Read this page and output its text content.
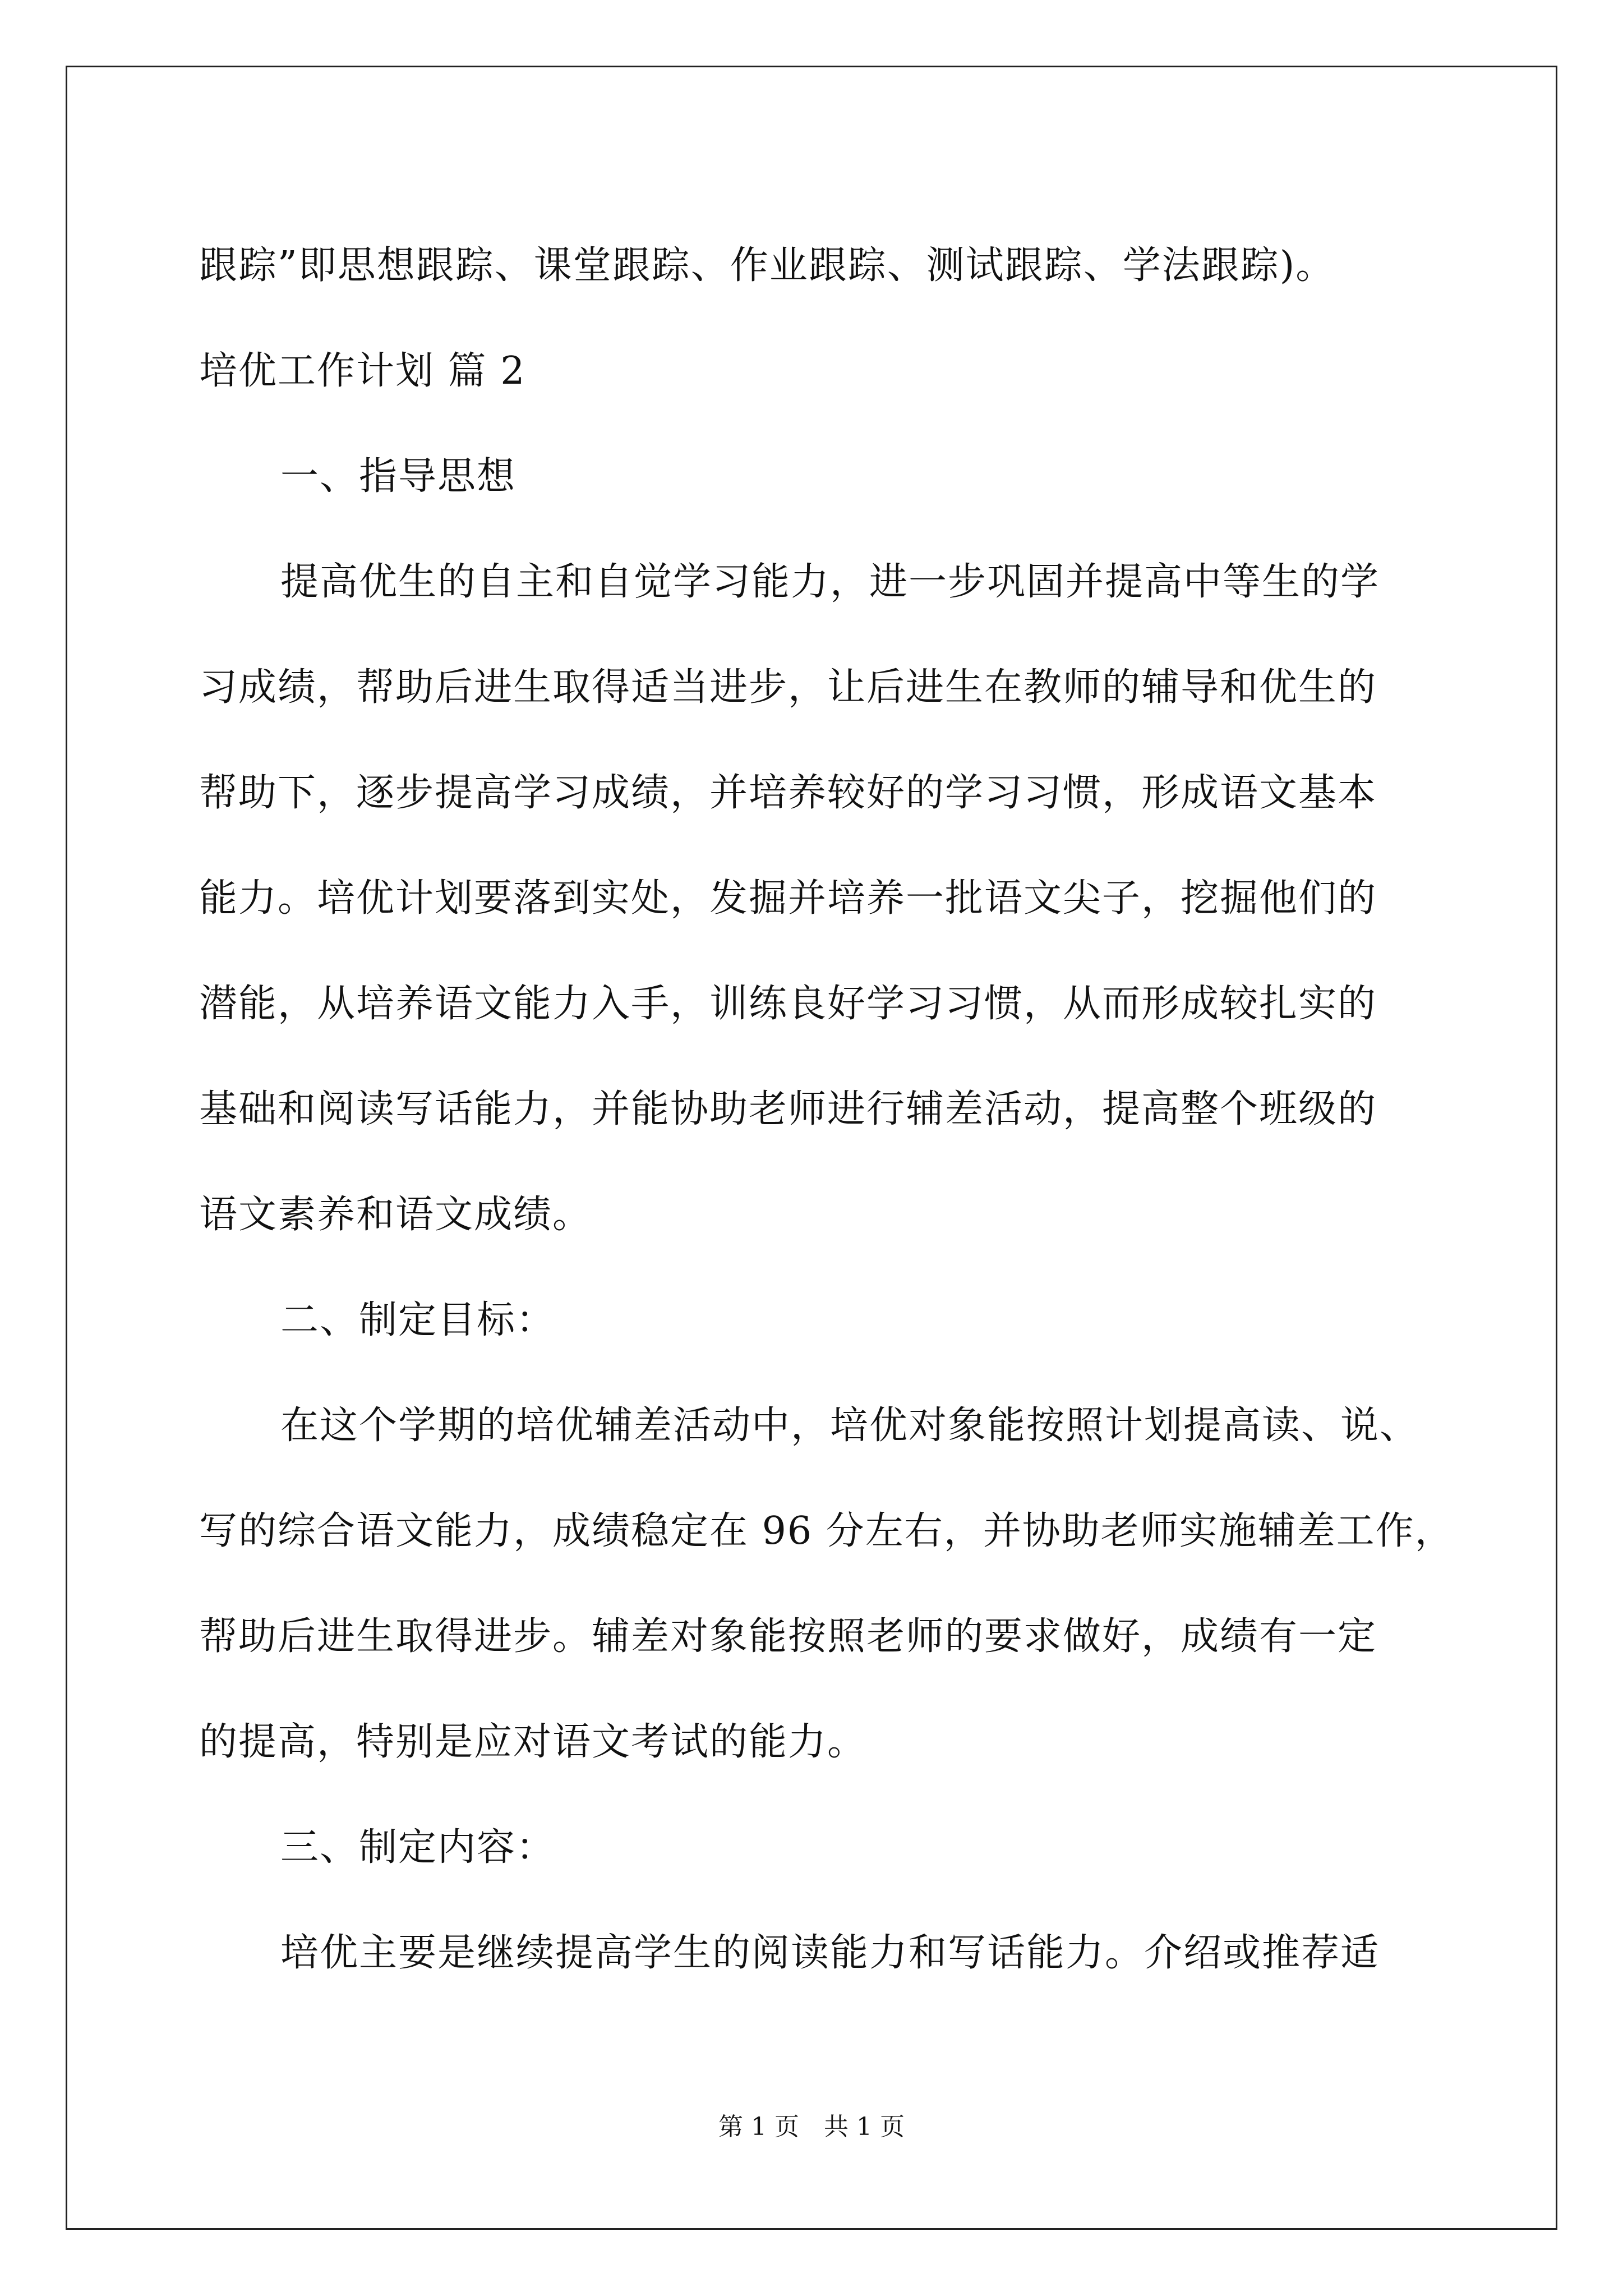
跟踪”即思想跟踪、课堂跟踪、作业跟踪、测试跟踪、学法跟踪)。
培优工作计划 篇 2
一、指导思想
提高优生的自主和自觉学习能力，进一步巩固并提高中等生的学
习成绩，帮助后进生取得适当进步，让后进生在教师的辅导和优生的
帮助下，逐步提高学习成绩，并培养较好的学习习惯，形成语文基本
能力。培优计划要落到实处，发掘并培养一批语文尖子，挖掘他们的
潜能，从培养语文能力入手，训练良好学习习惯，从而形成较扎实的
基础和阅读写话能力，并能协助老师进行辅差活动，提高整个班级的
语文素养和语文成绩。
二、制定目标：
在这个学期的培优辅差活动中，培优对象能按照计划提高读、说、
写的综合语文能力，成绩稳定在 96 分左右，并协助老师实施辅差工作，
帮助后进生取得进步。辅差对象能按照老师的要求做好，成绩有一定
的提高，特别是应对语文考试的能力。
三、制定内容：
培优主要是继续提高学生的阅读能力和写话能力。介绍或推荐适
第 1 页　共 1 页
